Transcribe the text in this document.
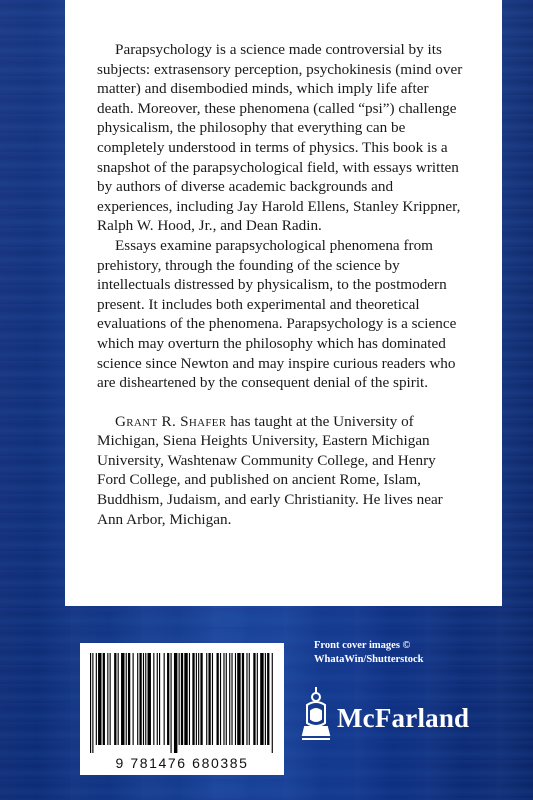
Parapsychology is a science made controversial by its subjects: extrasensory perception, psychokinesis (mind over matter) and disembodied minds, which imply life after death. Moreover, these phenomena (called “psi”) challenge physicalism, the philosophy that everything can be completely understood in terms of physics. This book is a snapshot of the parapsychological field, with essays written by authors of diverse academic backgrounds and experiences, including Jay Harold Ellens, Stanley Krippner, Ralph W. Hood, Jr., and Dean Radin.

Essays examine parapsychological phenomena from prehistory, through the founding of the science by intellectuals distressed by physicalism, to the postmodern present. It includes both experimental and theoretical evaluations of the phenomena. Parapsychology is a science which may overturn the philosophy which has dominated science since Newton and may inspire curious readers who are disheartened by the consequent denial of the spirit.

Grant R. Shafer has taught at the University of Michigan, Siena Heights University, Eastern Michigan University, Washtenaw Community College, and Henry Ford College, and published on ancient Rome, Islam, Buddhism, Judaism, and early Christianity. He lives near Ann Arbor, Michigan.

Front cover images ©
WhataWin/Shutterstock
9 781476 680385
McFarland
